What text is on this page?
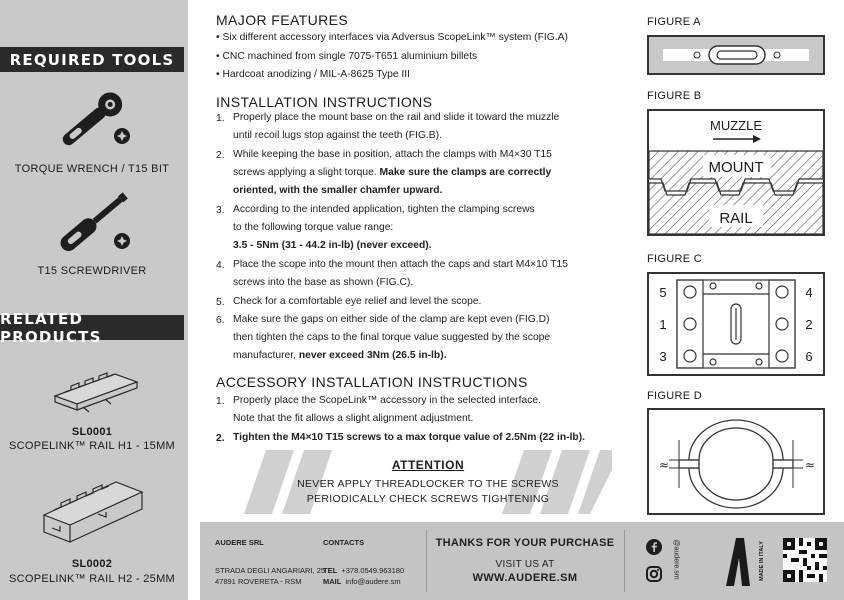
REQUIRED TOOLS
TORQUE WRENCH / T15 BIT
T15 SCREWDRIVER
RELATED PRODUCTS
SL0001
SCOPELINK™ RAIL H1 - 15MM
SL0002
SCOPELINK™ RAIL H2 - 25MM
MAJOR FEATURES
• Six different accessory interfaces via Adversus ScopeLink™ system (FIG.A)
• CNC machined from single 7075-T651 aluminium billets
• Hardcoat anodizing / MIL-A-8625 Type III
INSTALLATION INSTRUCTIONS
1. Properly place the mount base on the rail and slide it toward the muzzle
until recoil lugs stop against the teeth (FIG.B).
2. While keeping the base in position, attach the clamps with M4×30 T15
screws applying a slight torque. Make sure the clamps are correctly
oriented, with the smaller chamfer upward.
3. According to the intended application, tighten the clamping screws
to the following torque value range:
3.5 - 5Nm (31 - 44.2 in-lb) (never exceed).
4. Place the scope into the mount then attach the caps and start M4×10 T15
screws into the base as shown (FIG.C).
5. Check for a comfortable eye relief and level the scope.
6. Make sure the gaps on either side of the clamp are kept even (FIG.D)
then tighten the caps to the final torque value suggested by the scope
manufacturer, never exceed 3Nm (26.5 in-lb).
ACCESSORY INSTALLATION INSTRUCTIONS
1. Properly place the ScopeLink™ accessory in the selected interface.
Note that the fit allows a slight alignment adjustment.
2. Tighten the M4×10 T15 screws to a max torque value of 2.5Nm (22 in-lb).
ATTENTION
NEVER APPLY THREADLOCKER TO THE SCREWS
PERIODICALLY CHECK SCREWS TIGHTENING
FIGURE A
FIGURE B
MUZZLE
MOUNT
RAIL
FIGURE C
5
1
3
4
2
6
FIGURE D
≈	≈
AUDERE SRL
STRADA DEGLI ANGARIARI, 25
47891 ROVERETA - RSM
CONTACTS
TEL +378.0549.963180
MAIL info@audere.sm
THANKS FOR YOUR PURCHASE
VISIT US AT
WWW.AUDERE.SM	@audere.sm	MADE IN ITALY
